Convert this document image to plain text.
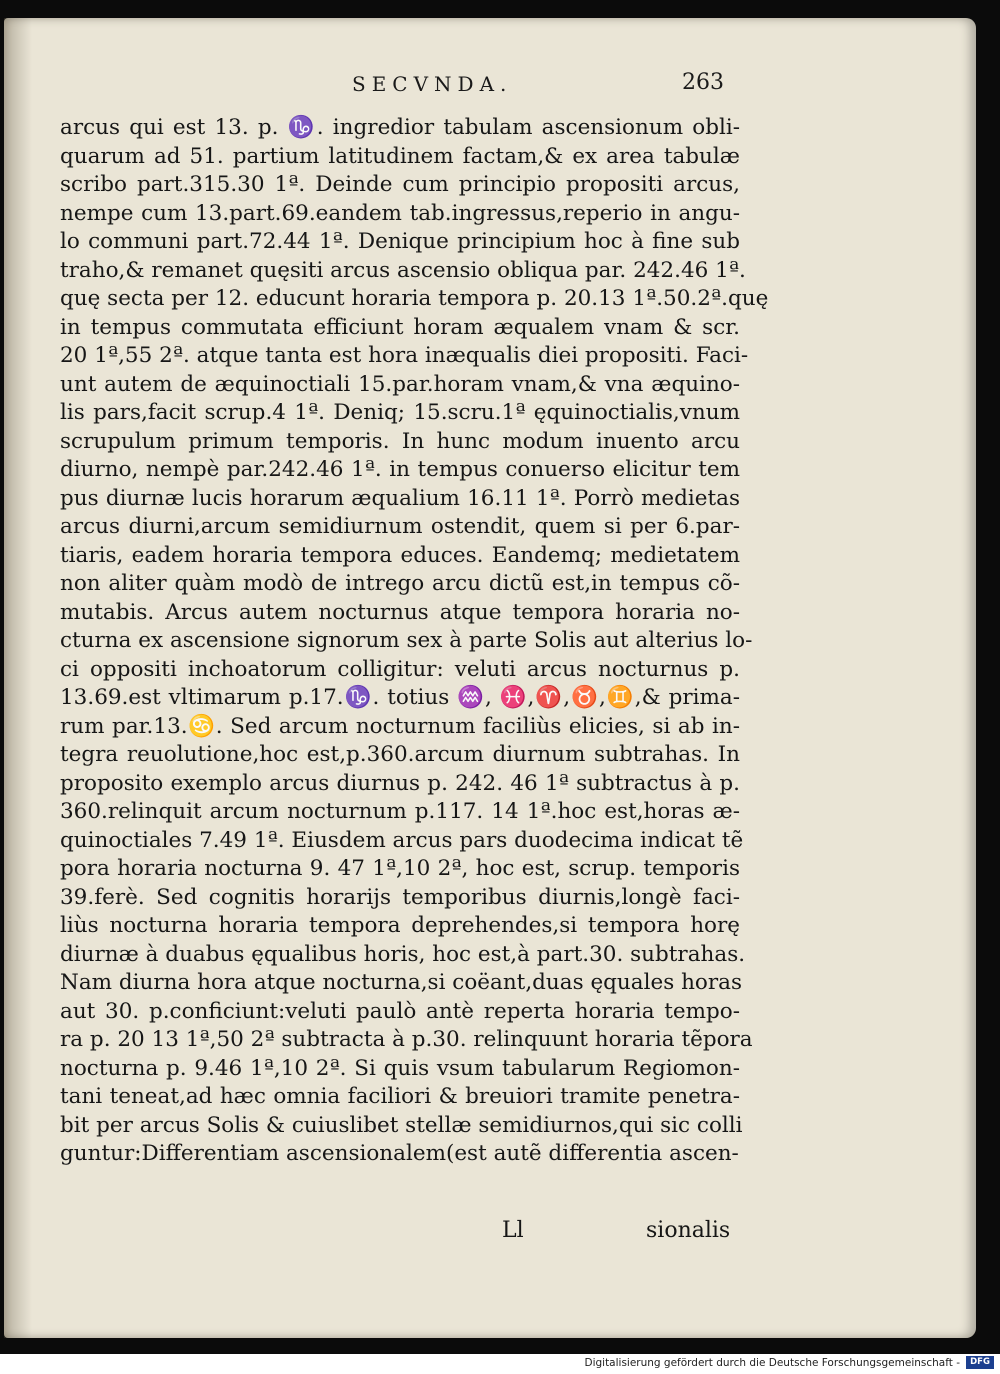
SECVNDA.	263
arcus qui est 13. p. ♑. ingredior tabulam ascensionum obli-
quarum ad 51. partium latitudinem factam,& ex area tabulæ
scribo part.315.30 1ª. Deinde cum principio propositi arcus,
nempe cum 13.part.69.eandem tab.ingressus,reperio in angu-
lo communi part.72.44 1ª. Denique principium hoc à fine sub
traho,& remanet quęsiti arcus ascensio obliqua par. 242.46 1ª.
quę secta per 12. educunt horaria tempora p. 20.13 1ª.50.2ª.quę
in tempus commutata efficiunt horam æqualem vnam & scr.
20 1ª,55 2ª. atque tanta est hora inæqualis diei propositi. Faci-
unt autem de æquinoctiali 15.par.horam vnam,& vna æquino-
lis pars,facit scrup.4 1ª. Deniq; 15.scru.1ª ęquinoctialis,vnum
scrupulum primum temporis. In hunc modum inuento arcu
diurno, nempè par.242.46 1ª. in tempus conuerso elicitur tem
pus diurnæ lucis horarum æqualium 16.11 1ª. Porrò medietas
arcus diurni,arcum semidiurnum ostendit, quem si per 6.par-
tiaris, eadem horaria tempora educes. Eandemq; medietatem
non aliter quàm modò de intrego arcu dictũ est,in tempus cõ-
mutabis. Arcus autem nocturnus atque tempora horaria no-
cturna ex ascensione signorum sex à parte Solis aut alterius lo-
ci oppositi inchoatorum colligitur: veluti arcus nocturnus p.
13.69.est vltimarum p.17.♑. totius ♒, ♓,♈,♉,♊,& prima-
rum par.13.♋. Sed arcum nocturnum faciliùs elicies, si ab in-
tegra reuolutione,hoc est,p.360.arcum diurnum subtrahas. In
proposito exemplo arcus diurnus p. 242. 46 1ª subtractus à p.
360.relinquit arcum nocturnum p.117. 14 1ª.hoc est,horas æ-
quinoctiales 7.49 1ª. Eiusdem arcus pars duodecima indicat tẽ
pora horaria nocturna 9. 47 1ª,10 2ª, hoc est, scrup. temporis
39.ferè. Sed cognitis horarijs temporibus diurnis,longè faci-
liùs nocturna horaria tempora deprehendes,si tempora horę
diurnæ à duabus ęqualibus horis, hoc est,à part.30. subtrahas.
Nam diurna hora atque nocturna,si coëant,duas ęquales horas
aut 30. p.conficiunt:veluti paulò antè reperta horaria tempo-
ra p. 20 13 1ª,50 2ª subtracta à p.30. relinquunt horaria tẽpora
nocturna p. 9.46 1ª,10 2ª. Si quis vsum tabularum Regiomon-
tani teneat,ad hæc omnia faciliori & breuiori tramite penetra-
bit per arcus Solis & cuiuslibet stellæ semidiurnos,qui sic colli
guntur:Differentiam ascensionalem(est autẽ differentia ascen-
Ll	sionalis
Digitalisierung gefördert durch die Deutsche Forschungsgemeinschaft -	DFG
